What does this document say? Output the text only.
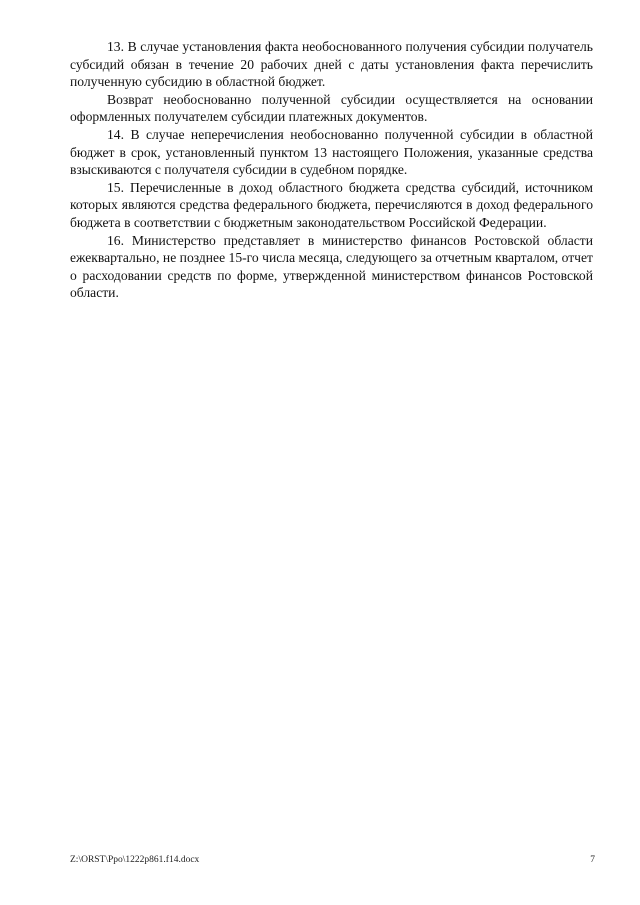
13. В случае установления факта необоснованного получения субсидии получатель субсидий обязан в течение 20 рабочих дней с даты установления факта перечислить полученную субсидию в областной бюджет.

Возврат необоснованно полученной субсидии осуществляется на основании оформленных получателем субсидии платежных документов.

14. В случае неперечисления необоснованно полученной субсидии в областной бюджет в срок, установленный пунктом 13 настоящего Положения, указанные средства взыскиваются с получателя субсидии в судебном порядке.

15. Перечисленные в доход областного бюджета средства субсидий, источником которых являются средства федерального бюджета, перечисляются в доход федерального бюджета в соответствии с бюджетным законодательством Российской Федерации.

16. Министерство представляет в министерство финансов Ростовской области ежеквартально, не позднее 15-го числа месяца, следующего за отчетным кварталом, отчет о расходовании средств по форме, утвержденной министерством финансов Ростовской области.

Z:\ORST\Ppo\1222p861.f14.docx	7
